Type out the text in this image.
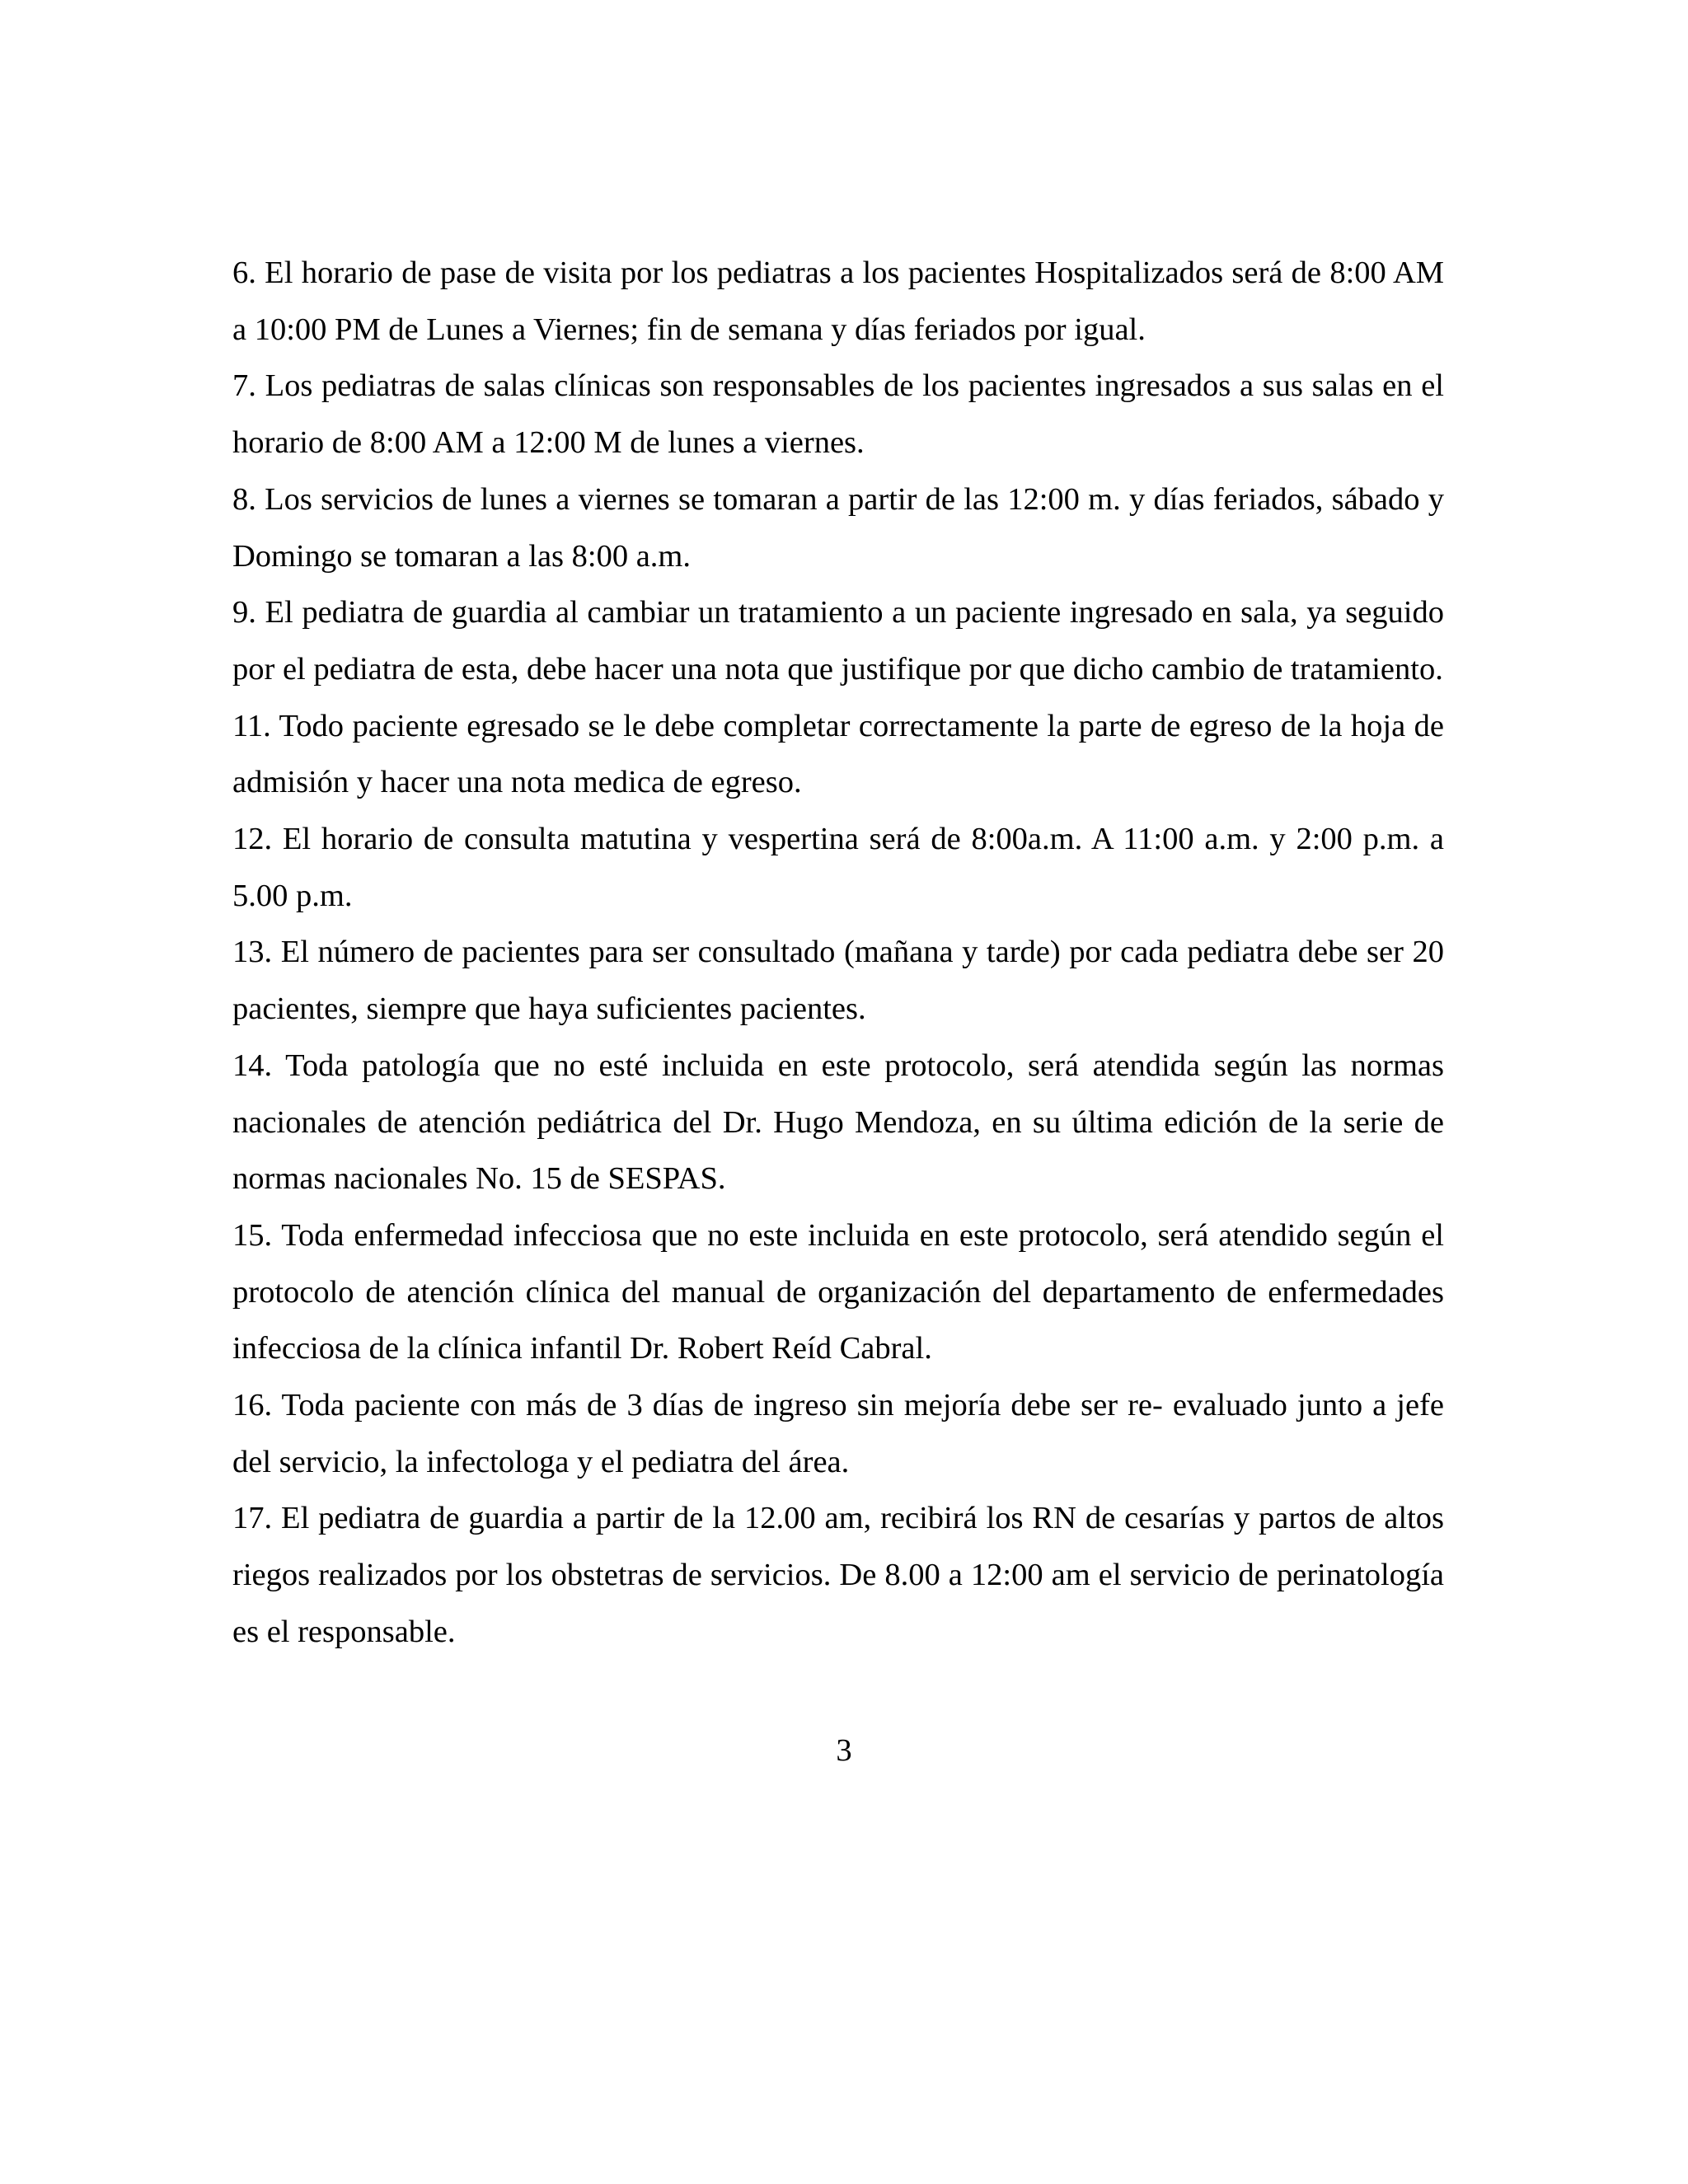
6. El horario de pase de visita por los pediatras a los pacientes Hospitalizados será de 8:00 AM a 10:00 PM de Lunes a Viernes; fin de semana y días feriados por igual.

7. Los pediatras de salas clínicas son responsables de los pacientes ingresados a sus salas en el horario de 8:00 AM a 12:00 M de lunes a viernes.

8. Los servicios de lunes a viernes se tomaran a partir de las 12:00 m. y días feriados, sábado y Domingo se tomaran a las 8:00 a.m.

9. El pediatra de guardia al cambiar un tratamiento a un paciente ingresado en sala, ya seguido por el pediatra de esta, debe hacer una nota que justifique por que dicho cambio de tratamiento.

11. Todo paciente egresado se le debe completar correctamente la parte de egreso de la hoja de admisión y hacer una nota medica de egreso.

12. El horario de consulta matutina y vespertina será de 8:00a.m. A 11:00 a.m. y 2:00 p.m. a 5.00 p.m.

13. El número de pacientes para ser consultado (mañana y tarde) por cada pediatra debe ser 20 pacientes, siempre que haya suficientes pacientes.

14. Toda patología que no esté incluida en este protocolo, será atendida según las normas nacionales de atención pediátrica del Dr. Hugo Mendoza, en su última edición de la serie de normas nacionales No. 15 de SESPAS.

15. Toda enfermedad infecciosa que no este incluida en este protocolo, será atendido según el protocolo de atención clínica del manual de organización del departamento de enfermedades infecciosa de la clínica infantil Dr. Robert Reíd Cabral.

16. Toda paciente con más de 3 días de ingreso sin mejoría debe ser re- evaluado junto a jefe del servicio, la infectologa y el pediatra del área.

17. El pediatra de guardia a partir de la 12.00 am, recibirá los RN de cesarías y partos de altos riegos realizados por los obstetras de servicios. De 8.00 a 12:00 am el servicio de perinatología es el responsable.

3
